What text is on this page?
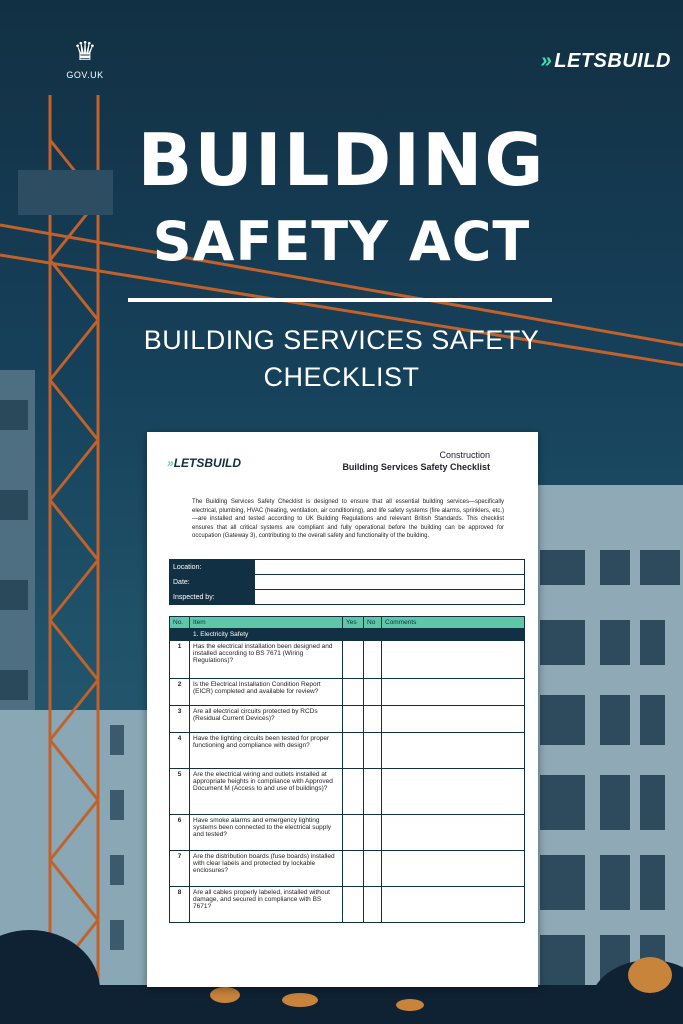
♛
GOV.UK
» LETSBUILD
BUILDING
SAFETY ACT
BUILDING SERVICES SAFETY
CHECKLIST
»LETSBUILD
Construction
Building Services Safety Checklist
The Building Services Safety Checklist is designed to ensure that all essential building services—specifically electrical, plumbing, HVAC (heating, ventilation, air conditioning), and life safety systems (fire alarms, sprinklers, etc.)—are installed and tested according to UK Building Regulations and relevant British Standards. This checklist ensures that all critical systems are compliant and fully operational before the building can be approved for occupation (Gateway 3), contributing to the overall safety and functionality of the building.
Location:	
Date:	
Inspected by:	
No.	Item	Yes	No	Comments
	1. Electricity Safety			
1	Has the electrical installation been designed and installed according to BS 7671 (Wiring Regulations)?			
2	Is the Electrical Installation Condition Report (EICR) completed and available for review?			
3	Are all electrical circuits protected by RCDs (Residual Current Devices)?			
4	Have the lighting circuits been tested for proper functioning and compliance with design?			
5	Are the electrical wiring and outlets installed at appropriate heights in compliance with Approved Document M (Access to and use of buildings)?			
6	Have smoke alarms and emergency lighting systems been connected to the electrical supply and tested?			
7	Are the distribution boards (fuse boards) installed with clear labels and protected by lockable enclosures?			
8	Are all cables properly labeled, installed without damage, and secured in compliance with BS 7671?			
